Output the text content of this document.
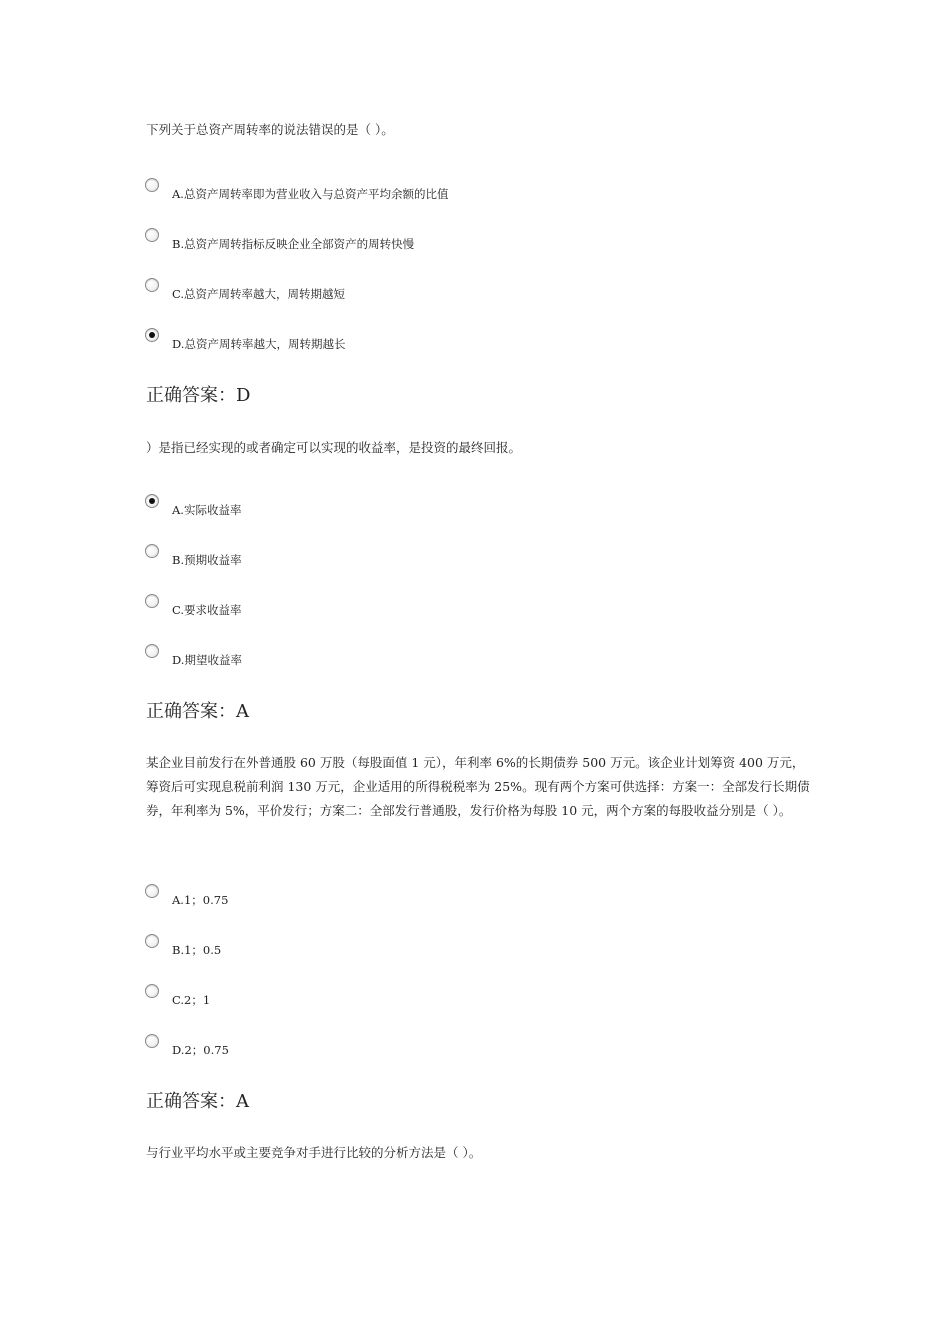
下列关于总资产周转率的说法错误的是（ ）。
A.总资产周转率即为营业收入与总资产平均余额的比值
B.总资产周转指标反映企业全部资产的周转快慢
C.总资产周转率越大，周转期越短
D.总资产周转率越大，周转期越长
正确答案：D
）是指已经实现的或者确定可以实现的收益率，是投资的最终回报。
A.实际收益率
B.预期收益率
C.要求收益率
D.期望收益率
正确答案：A
某企业目前发行在外普通股 60 万股（每股面值 1 元），年利率 6%的长期债券 500 万元。该企业计划筹资 400 万元，筹资后可实现息税前利润 130 万元，企业适用的所得税税率为 25%。现有两个方案可供选择：方案一：全部发行长期债券，年利率为 5%，平价发行；方案二：全部发行普通股，发行价格为每股 10 元，两个方案的每股收益分别是（ ）。
A.1；0.75
B.1；0.5
C.2；1
D.2；0.75
正确答案：A
与行业平均水平或主要竞争对手进行比较的分析方法是（ ）。
